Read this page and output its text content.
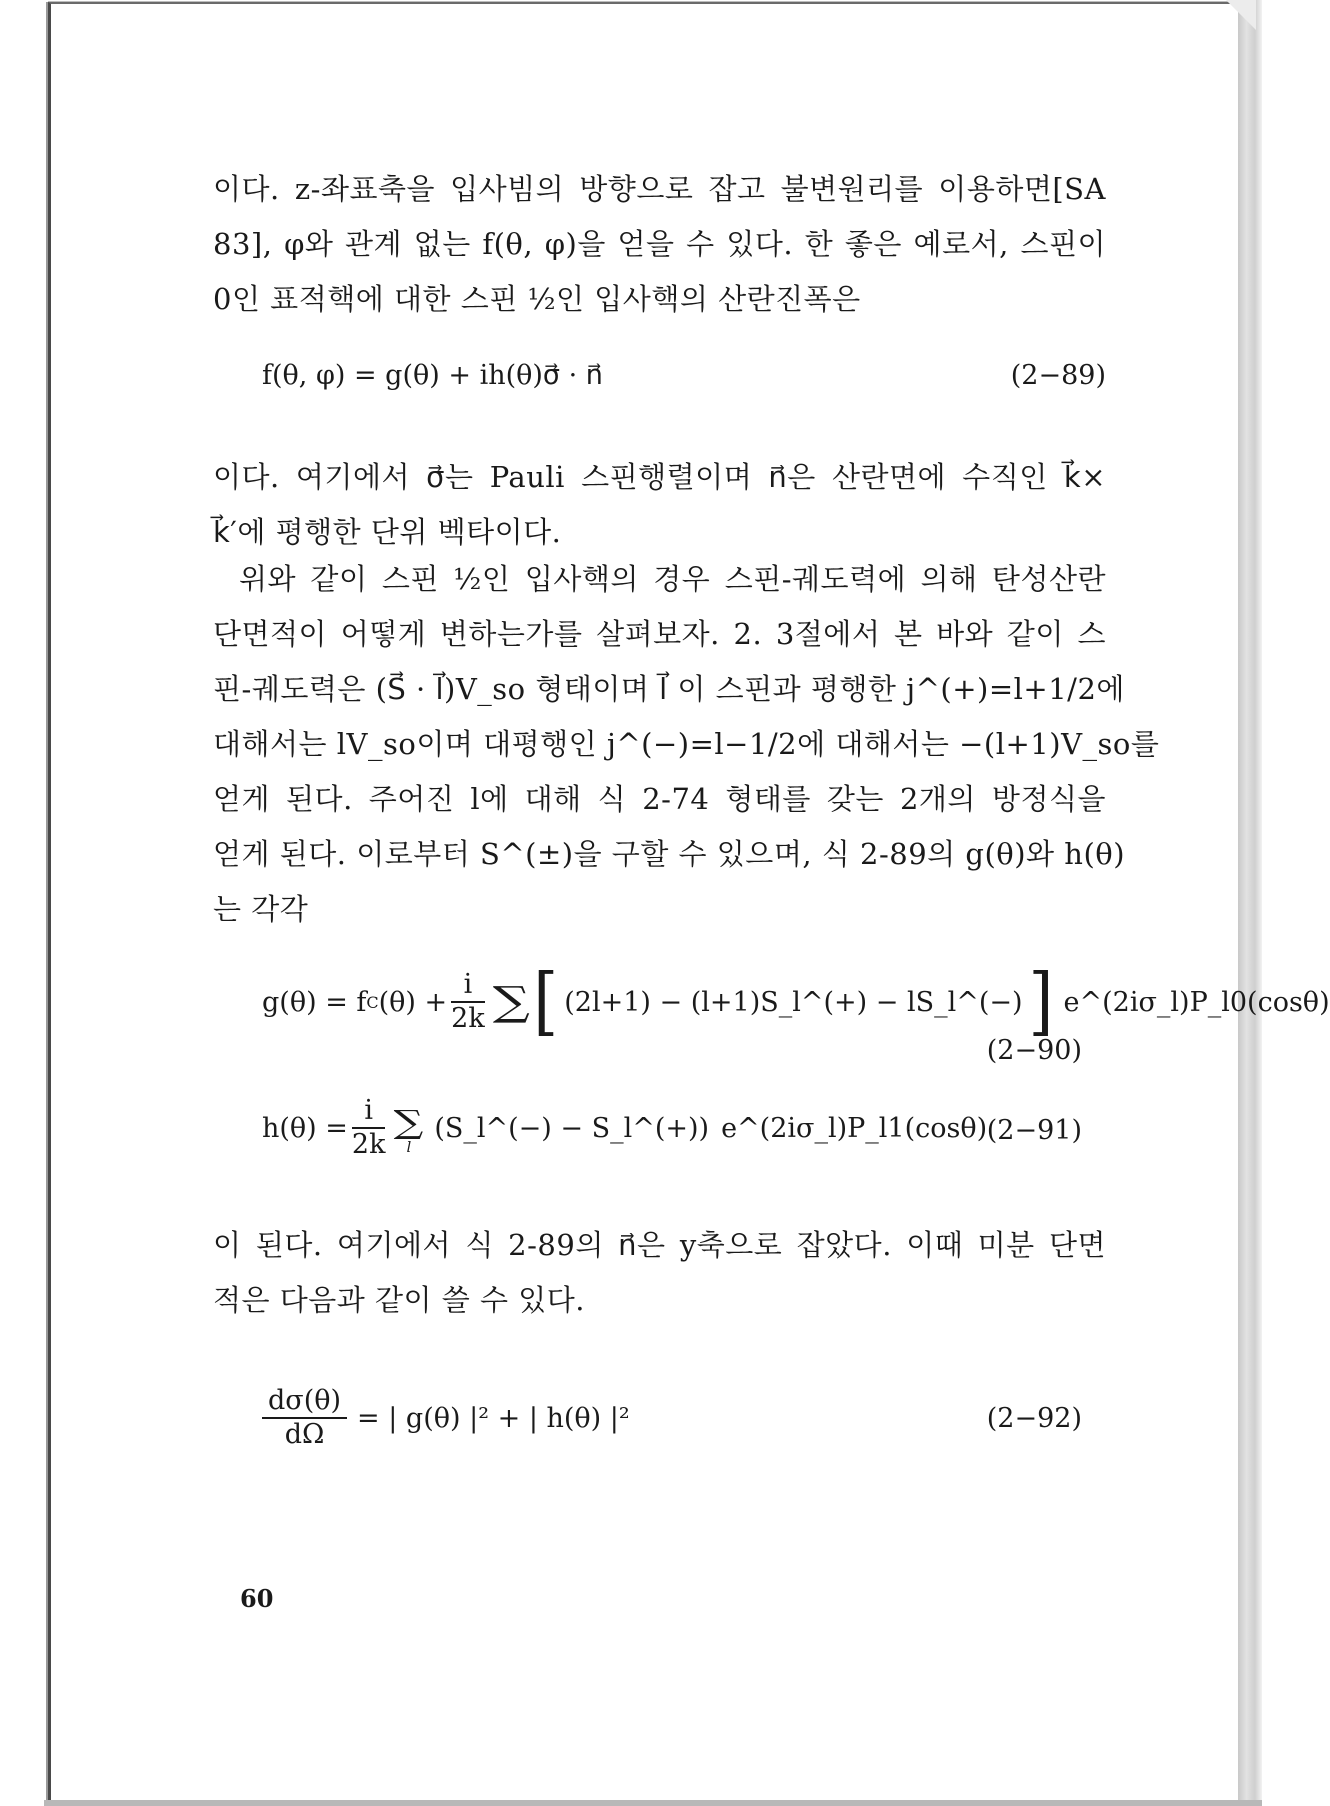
이다. z-좌표축을 입사빔의 방향으로 잡고 불변원리를 이용하면[SA
83], φ와 관계 없는 f(θ, φ)을 얻을 수 있다. 한 좋은 예로서, 스핀이
0인 표적핵에 대한 스핀 ½인 입사핵의 산란진폭은
f(θ, φ) = g(θ) + ih(θ)σ⃗ · n⃗	(2−89)
이다. 여기에서 σ⃗는 Pauli 스핀행렬이며 n⃗은 산란면에 수직인 k⃗×
k⃗′에 평행한 단위 벡타이다.
위와 같이 스핀 ½인 입사핵의 경우 스핀-궤도력에 의해 탄성산란
단면적이 어떻게 변하는가를 살펴보자. 2. 3절에서 본 바와 같이 스
핀-궤도력은 (S⃗ · l⃗)V_so 형태이며 l⃗ 이 스핀과 평행한 j^(+)=l+1/2에
대해서는 lV_so이며 대평행인 j^(−)=l−1/2에 대해서는 −(l+1)V_so를
얻게 된다. 주어진 l에 대해 식 2-74 형태를 갖는 2개의 방정식을
얻게 된다. 이로부터 S^(±)을 구할 수 있으며, 식 2-89의 g(θ)와 h(θ)
는 각각
g(θ) = f C $(\theta) + \frac{i}{2k}$ ∑ [ (2l+1) − (l+1)S_l^(+) − lS_l^(−) ] e^(2iσ_l)P_l0(cosθ)
(2−90)
$h(\theta) = \frac{i}{2k}$ ∑
l
(S_l^(−) − S_l^(+)) e^(2iσ_l)P_l1(cosθ) (2−91)
이 된다. 여기에서 식 2-89의 n⃗은 y축으로 잡았다. 이때 미분 단면
적은 다음과 같이 쓸 수 있다.
$\frac{d\sigma(\theta)}{d\Omega}$ = | g(θ) |² + | h(θ) |²	(2−92)
60
